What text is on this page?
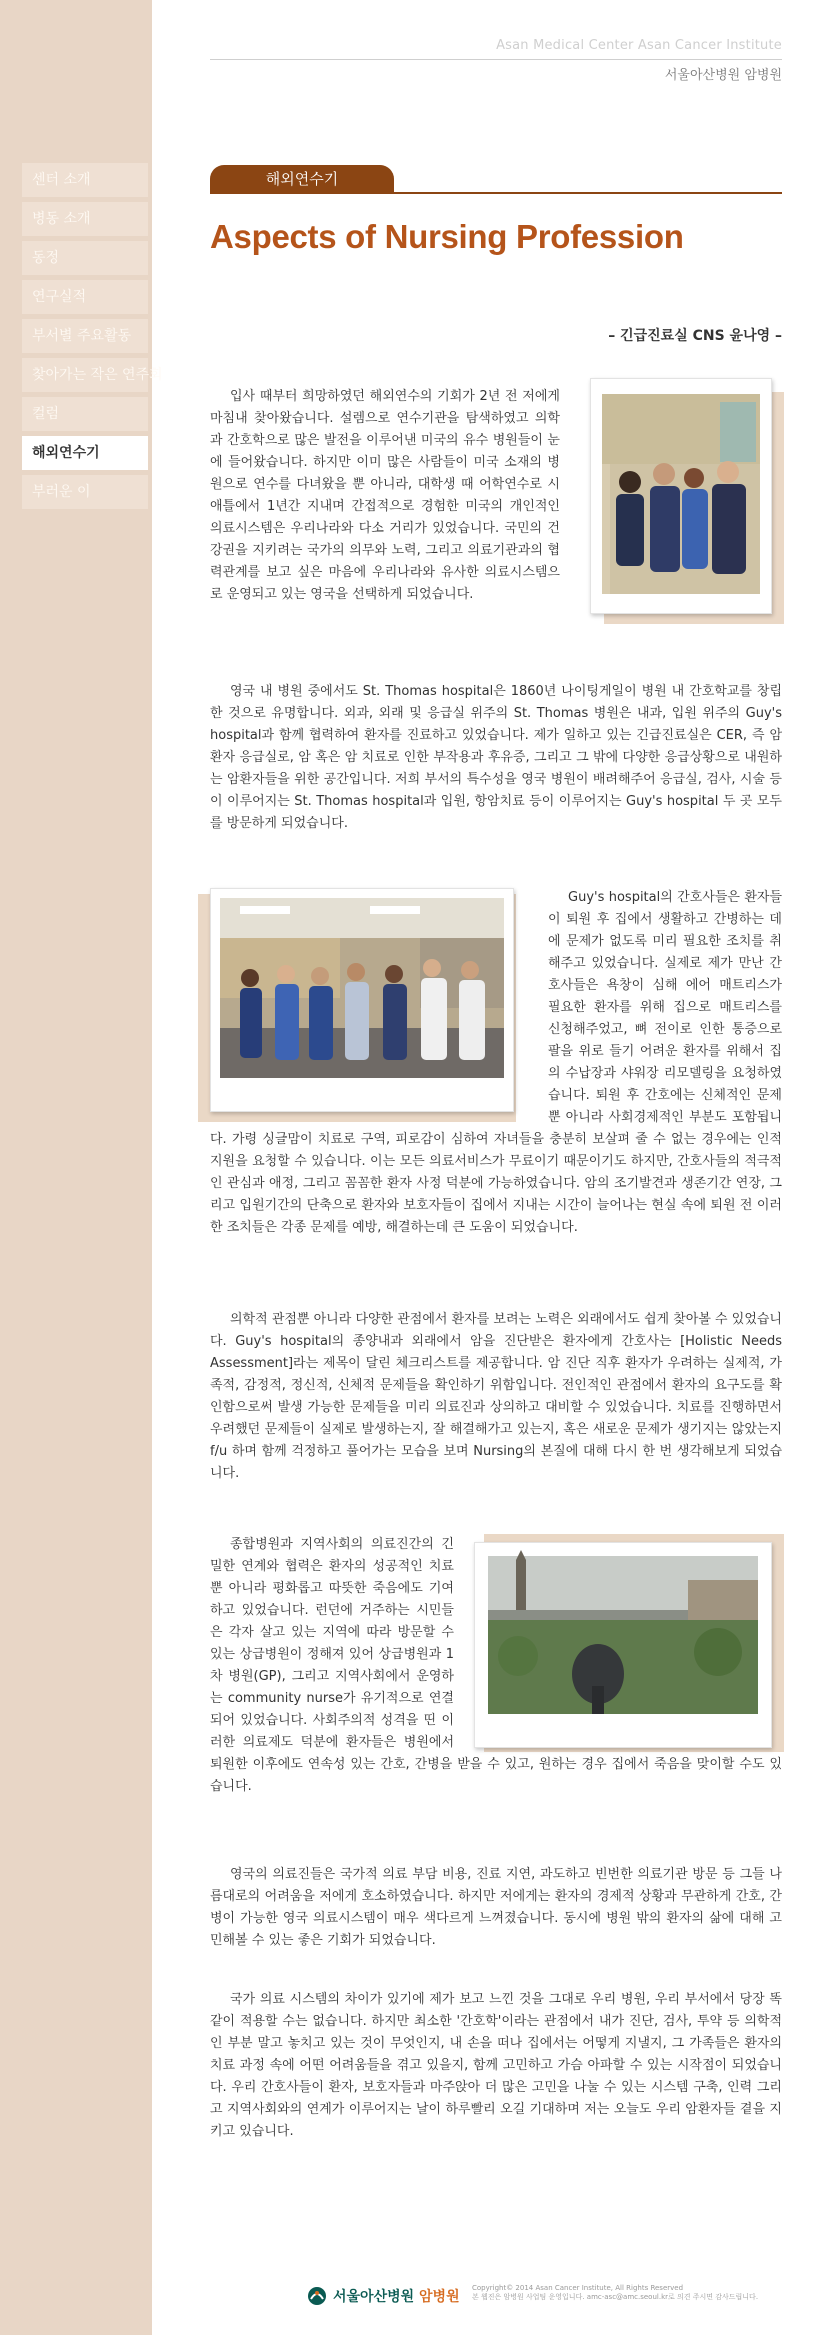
센터 소개
병동 소개
동정
연구실적
부서별 주요활동
찾아가는 작은 연주회
컬럼
해외연수기
부러운 이
Asan Medical Center Asan Cancer Institute
서울아산병원 암병원
해외연수기
Aspects of Nursing Profession
– 긴급진료실 CNS 윤나영 –

입사 때부터 희망하였던 해외연수의 기회가 2년 전 저에게 마침내 찾아왔습니다. 설렘으로 연수기관을 탐색하였고 의학과 간호학으로 많은 발전을 이루어낸 미국의 유수 병원들이 눈에 들어왔습니다. 하지만 이미 많은 사람들이 미국 소재의 병원으로 연수를 다녀왔을 뿐 아니라, 대학생 때 어학연수로 시애틀에서 1년간 지내며 간접적으로 경험한 미국의 개인적인 의료시스템은 우리나라와 다소 거리가 있었습니다. 국민의 건강권을 지키려는 국가의 의무와 노력, 그리고 의료기관과의 협력관계를 보고 싶은 마음에 우리나라와 유사한 의료시스템으로 운영되고 있는 영국을 선택하게 되었습니다.

영국 내 병원 중에서도 St. Thomas hospital은 1860년 나이팅게일이 병원 내 간호학교를 창립한 것으로 유명합니다. 외과, 외래 및 응급실 위주의 St. Thomas 병원은 내과, 입원 위주의 Guy's hospital과 함께 협력하여 환자를 진료하고 있었습니다. 제가 일하고 있는 긴급진료실은 CER, 즉 암환자 응급실로, 암 혹은 암 치료로 인한 부작용과 후유증, 그리고 그 밖에 다양한 응급상황으로 내원하는 암환자들을 위한 공간입니다. 저희 부서의 특수성을 영국 병원이 배려해주어 응급실, 검사, 시술 등이 이루어지는 St. Thomas hospital과 입원, 항암치료 등이 이루어지는 Guy's hospital 두 곳 모두를 방문하게 되었습니다.

Guy's hospital의 간호사들은 환자들이 퇴원 후 집에서 생활하고 간병하는 데에 문제가 없도록 미리 필요한 조치를 취해주고 있었습니다. 실제로 제가 만난 간호사들은 욕창이 심해 에어 매트리스가 필요한 환자를 위해 집으로 매트리스를 신청해주었고, 뼈 전이로 인한 통증으로 팔을 위로 들기 어려운 환자를 위해서 집의 수납장과 샤워장 리모델링을 요청하였습니다. 퇴원 후 간호에는 신체적인 문제뿐 아니라 사회경제적인 부분도 포함됩니다. 가령 싱글맘이 치료로 구역, 피로감이 심하여 자녀들을 충분히 보살펴 줄 수 없는 경우에는 인적 지원을 요청할 수 있습니다. 이는 모든 의료서비스가 무료이기 때문이기도 하지만, 간호사들의 적극적인 관심과 애정, 그리고 꼼꼼한 환자 사정 덕분에 가능하였습니다. 암의 조기발견과 생존기간 연장, 그리고 입원기간의 단축으로 환자와 보호자들이 집에서 지내는 시간이 늘어나는 현실 속에 퇴원 전 이러한 조치들은 각종 문제를 예방, 해결하는데 큰 도움이 되었습니다.

의학적 관점뿐 아니라 다양한 관점에서 환자를 보려는 노력은 외래에서도 쉽게 찾아볼 수 있었습니다. Guy's hospital의 종양내과 외래에서 암을 진단받은 환자에게 간호사는 [Holistic Needs Assessment]라는 제목이 달린 체크리스트를 제공합니다. 암 진단 직후 환자가 우려하는 실제적, 가족적, 감정적, 정신적, 신체적 문제들을 확인하기 위함입니다. 전인적인 관점에서 환자의 요구도를 확인함으로써 발생 가능한 문제들을 미리 의료진과 상의하고 대비할 수 있었습니다. 치료를 진행하면서 우려했던 문제들이 실제로 발생하는지, 잘 해결해가고 있는지, 혹은 새로운 문제가 생기지는 않았는지 f/u 하며 함께 걱정하고 풀어가는 모습을 보며 Nursing의 본질에 대해 다시 한 번 생각해보게 되었습니다.

종합병원과 지역사회의 의료진간의 긴밀한 연계와 협력은 환자의 성공적인 치료뿐 아니라 평화롭고 따뜻한 죽음에도 기여하고 있었습니다. 런던에 거주하는 시민들은 각자 살고 있는 지역에 따라 방문할 수 있는 상급병원이 정해져 있어 상급병원과 1차 병원(GP), 그리고 지역사회에서 운영하는 community nurse가 유기적으로 연결되어 있었습니다. 사회주의적 성격을 띤 이러한 의료제도 덕분에 환자들은 병원에서 퇴원한 이후에도 연속성 있는 간호, 간병을 받을 수 있고, 원하는 경우 집에서 죽음을 맞이할 수도 있습니다.

영국의 의료진들은 국가적 의료 부담 비용, 진료 지연, 과도하고 빈번한 의료기관 방문 등 그들 나름대로의 어려움을 저에게 호소하였습니다. 하지만 저에게는 환자의 경제적 상황과 무관하게 간호, 간병이 가능한 영국 의료시스템이 매우 색다르게 느껴졌습니다. 동시에 병원 밖의 환자의 삶에 대해 고민해볼 수 있는 좋은 기회가 되었습니다.

국가 의료 시스템의 차이가 있기에 제가 보고 느낀 것을 그대로 우리 병원, 우리 부서에서 당장 똑같이 적용할 수는 없습니다. 하지만 최소한 '간호학'이라는 관점에서 내가 진단, 검사, 투약 등 의학적인 부분 말고 놓치고 있는 것이 무엇인지, 내 손을 떠나 집에서는 어떻게 지낼지, 그 가족들은 환자의 치료 과정 속에 어떤 어려움들을 겪고 있을지, 함께 고민하고 가슴 아파할 수 있는 시작점이 되었습니다. 우리 간호사들이 환자, 보호자들과 마주앉아 더 많은 고민을 나눌 수 있는 시스템 구축, 인력 그리고 지역사회와의 연계가 이루어지는 날이 하루빨리 오길 기대하며 저는 오늘도 우리 암환자들 곁을 지키고 있습니다.

서울아산병원 암병원
Copyright© 2014 Asan Cancer Institute, All Rights Reserved
본 웹진은 암병원 사업팀 운영입니다. amc-asc@amc.seoul.kr로 의견 주시면 감사드립니다.
